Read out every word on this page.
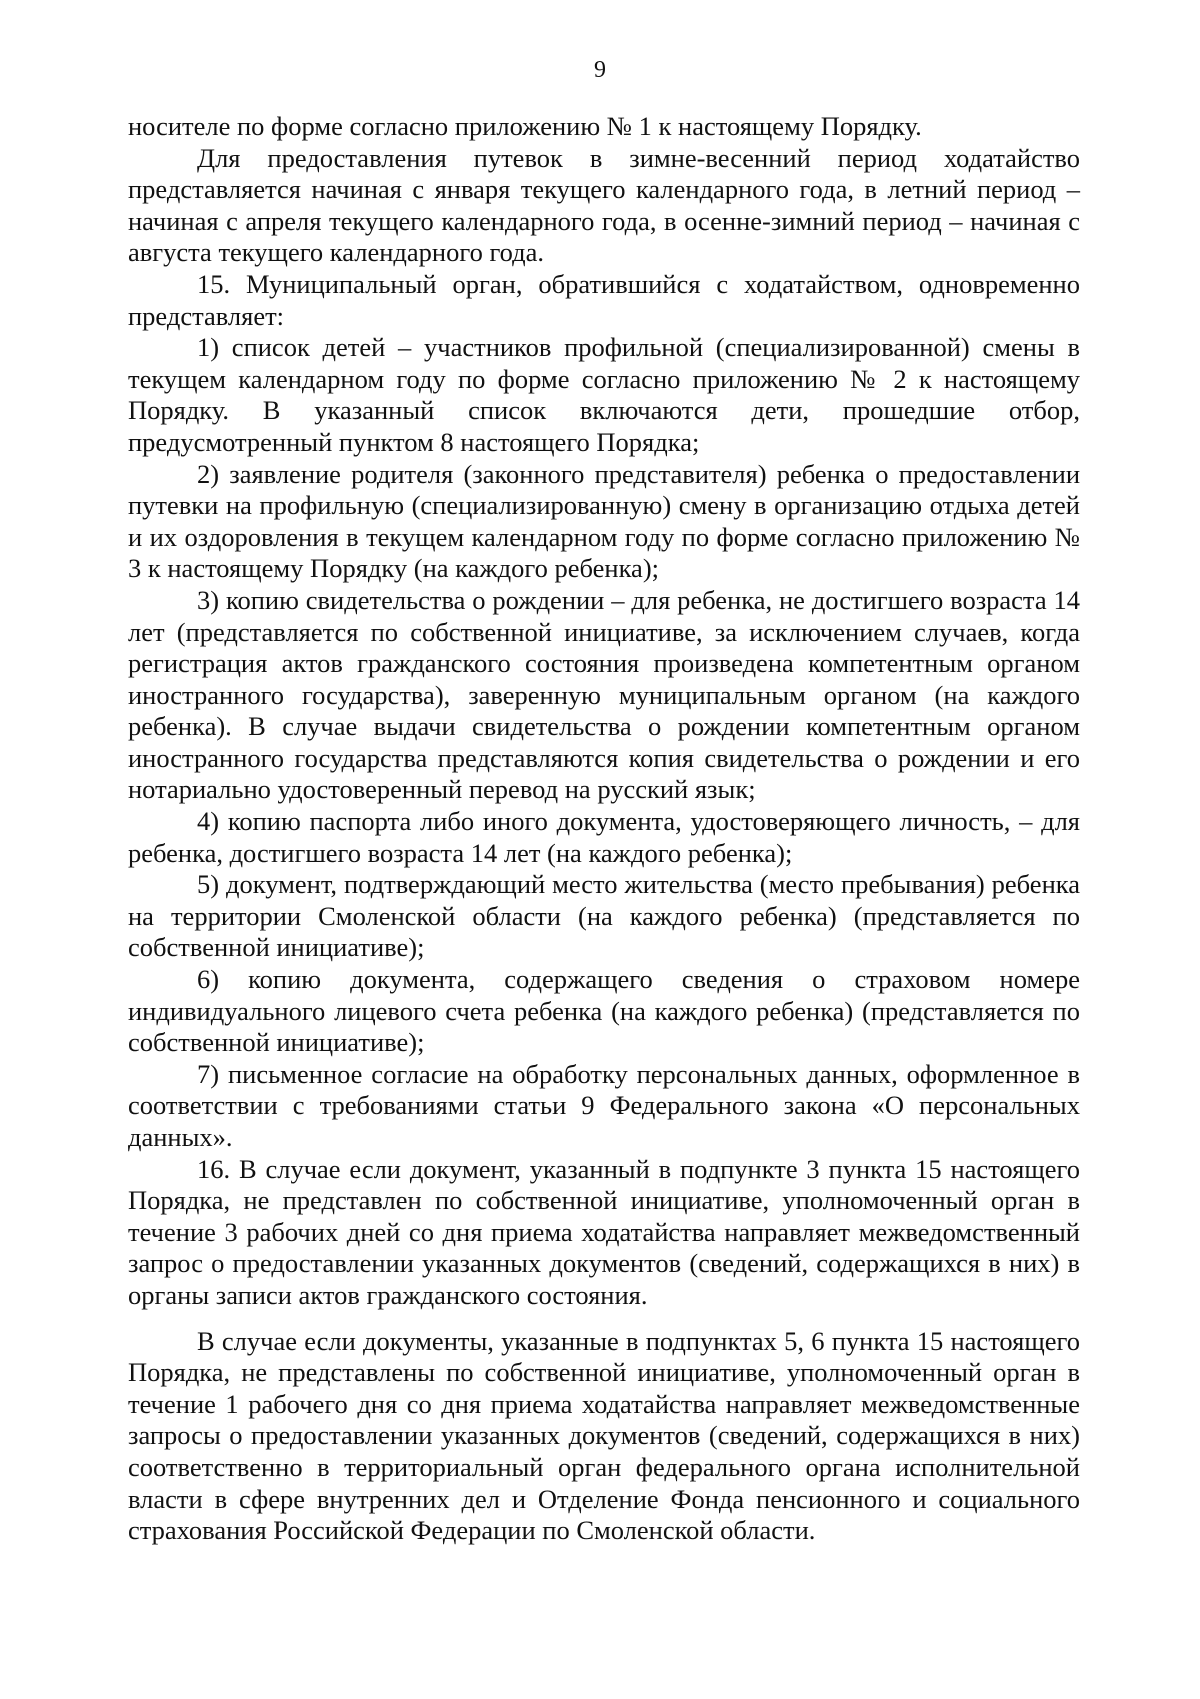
9

носителе по форме согласно приложению № 1 к настоящему Порядку.

Для предоставления путевок в зимне-весенний период ходатайство представляется начиная с января текущего календарного года, в летний период – начиная с апреля текущего календарного года, в осенне-зимний период – начиная с августа текущего календарного года.

15. Муниципальный орган, обратившийся с ходатайством, одновременно представляет:

1) список детей – участников профильной (специализированной) смены в текущем календарном году по форме согласно приложению № 2 к настоящему Порядку. В указанный список включаются дети, прошедшие отбор, предусмотренный пунктом 8 настоящего Порядка;

2) заявление родителя (законного представителя) ребенка о предоставлении путевки на профильную (специализированную) смену в организацию отдыха детей и их оздоровления в текущем календарном году по форме согласно приложению № 3 к настоящему Порядку (на каждого ребенка);

3) копию свидетельства о рождении – для ребенка, не достигшего возраста 14 лет (представляется по собственной инициативе, за исключением случаев, когда регистрация актов гражданского состояния произведена компетентным органом иностранного государства), заверенную муниципальным органом (на каждого ребенка). В случае выдачи свидетельства о рождении компетентным органом иностранного государства представляются копия свидетельства о рождении и его нотариально удостоверенный перевод на русский язык;

4) копию паспорта либо иного документа, удостоверяющего личность, – для ребенка, достигшего возраста 14 лет (на каждого ребенка);

5) документ, подтверждающий место жительства (место пребывания) ребенка на территории Смоленской области (на каждого ребенка) (представляется по собственной инициативе);

6) копию документа, содержащего сведения о страховом номере индивидуального лицевого счета ребенка (на каждого ребенка) (представляется по собственной инициативе);

7) письменное согласие на обработку персональных данных, оформленное в соответствии с требованиями статьи 9 Федерального закона «О персональных данных».

16. В случае если документ, указанный в подпункте 3 пункта 15 настоящего Порядка, не представлен по собственной инициативе, уполномоченный орган в течение 3 рабочих дней со дня приема ходатайства направляет межведомственный запрос о предоставлении указанных документов (сведений, содержащихся в них) в органы записи актов гражданского состояния.

В случае если документы, указанные в подпунктах 5, 6 пункта 15 настоящего Порядка, не представлены по собственной инициативе, уполномоченный орган в течение 1 рабочего дня со дня приема ходатайства направляет межведомственные запросы о предоставлении указанных документов (сведений, содержащихся в них) соответственно в территориальный орган федерального органа исполнительной власти в сфере внутренних дел и Отделение Фонда пенсионного и социального страхования Российской Федерации по Смоленской области.
